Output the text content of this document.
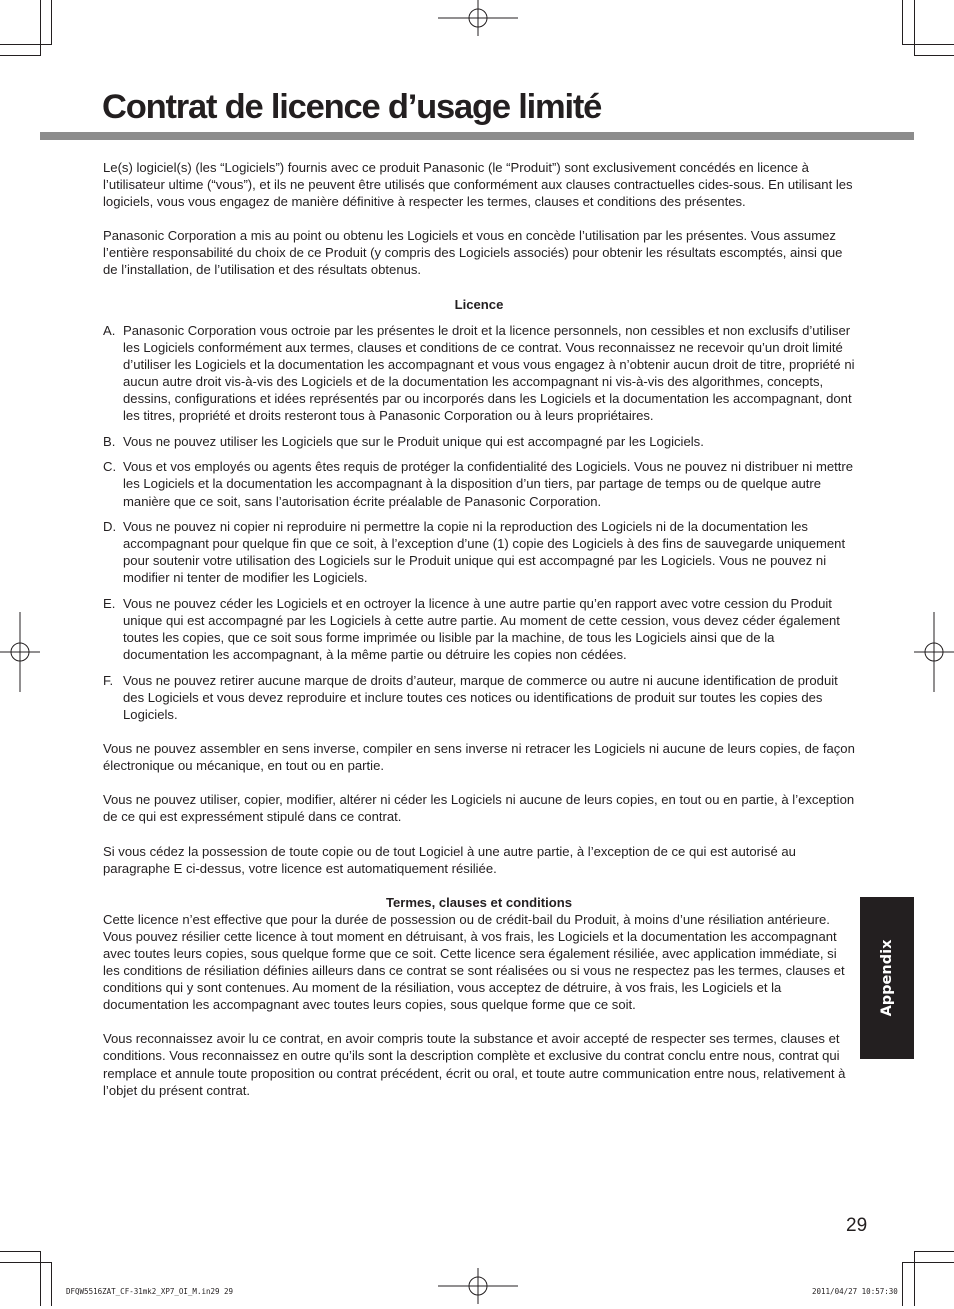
Contrat de licence d’usage limité

Le(s) logiciel(s) (les “Logiciels”) fournis avec ce produit Panasonic (le “Produit”) sont exclusivement concédés en licence à l’utilisateur ultime (“vous”), et ils ne peuvent être utilisés que conformément aux clauses contractuelles cides-sous. En utilisant les logiciels, vous vous engagez de manière définitive à respecter les termes, clauses et conditions des présentes.

Panasonic Corporation a mis au point ou obtenu les Logiciels et vous en concède l’utilisation par les présentes. Vous assumez l’entière responsabilité du choix de ce Produit (y compris des Logiciels associés) pour obtenir les résultats escomptés, ainsi que de l’installation, de l’utilisation et des résultats obtenus.

Licence
A. Panasonic Corporation vous octroie par les présentes le droit et la licence personnels, non cessibles et non exclusifs d’utiliser les Logiciels conformément aux termes, clauses et conditions de ce contrat. Vous reconnaissez ne recevoir qu’un droit limité d’utiliser les Logiciels et la documentation les accompagnant et vous vous engagez à n’obtenir aucun droit de titre, propriété ni aucun autre droit vis-à-vis des Logiciels et de la documentation les accompagnant ni vis-à-vis des algorithmes, concepts, dessins, configurations et idées représentés par ou incorporés dans les Logiciels et la documentation les accompagnant, dont les titres, propriété et droits resteront tous à Panasonic Corporation ou à leurs propriétaires.
B. Vous ne pouvez utiliser les Logiciels que sur le Produit unique qui est accompagné par les Logiciels.
C. Vous et vos employés ou agents êtes requis de protéger la confidentialité des Logiciels. Vous ne pouvez ni distribuer ni mettre les Logiciels et la documentation les accompagnant à la disposition d’un tiers, par partage de temps ou de quelque autre manière que ce soit, sans l’autorisation écrite préalable de Panasonic Corporation.
D. Vous ne pouvez ni copier ni reproduire ni permettre la copie ni la reproduction des Logiciels ni de la documentation les accompagnant pour quelque fin que ce soit, à l’exception d’une (1) copie des Logiciels à des fins de sauvegarde uniquement pour soutenir votre utilisation des Logiciels sur le Produit unique qui est accompagné par les Logiciels. Vous ne pouvez ni modifier ni tenter de modifier les Logiciels.
E. Vous ne pouvez céder les Logiciels et en octroyer la licence à une autre partie qu’en rapport avec votre cession du Produit unique qui est accompagné par les Logiciels à cette autre partie. Au moment de cette cession, vous devez céder également toutes les copies, que ce soit sous forme imprimée ou lisible par la machine, de tous les Logiciels ainsi que de la documentation les accompagnant, à la même partie ou détruire les copies non cédées.
F. Vous ne pouvez retirer aucune marque de droits d’auteur, marque de commerce ou autre ni aucune identification de produit des Logiciels et vous devez reproduire et inclure toutes ces notices ou identifications de produit sur toutes les copies des Logiciels.

Vous ne pouvez assembler en sens inverse, compiler en sens inverse ni retracer les Logiciels ni aucune de leurs copies, de façon électronique ou mécanique, en tout ou en partie.

Vous ne pouvez utiliser, copier, modifier, altérer ni céder les Logiciels ni aucune de leurs copies, en tout ou en partie, à l’exception de ce qui est expressément stipulé dans ce contrat.

Si vous cédez la possession de toute copie ou de tout Logiciel à une autre partie, à l’exception de ce qui est autorisé au paragraphe E ci-dessus, votre licence est automatiquement résiliée.

Termes, clauses et conditions

Cette licence n’est effective que pour la durée de possession ou de crédit-bail du Produit, à moins d’une résiliation antérieure. Vous pouvez résilier cette licence à tout moment en détruisant, à vos frais, les Logiciels et la documentation les accompagnant avec toutes leurs copies, sous quelque forme que ce soit. Cette licence sera également résiliée, avec application immédiate, si les conditions de résiliation définies ailleurs dans ce contrat se sont réalisées ou si vous ne respectez pas les termes, clauses et conditions qui y sont contenues. Au moment de la résiliation, vous acceptez de détruire, à vos frais, les Logiciels et la documentation les accompagnant avec toutes leurs copies, sous quelque forme que ce soit.

Vous reconnaissez avoir lu ce contrat, en avoir compris toute la substance et avoir accepté de respecter ses termes, clauses et conditions. Vous reconnaissez en outre qu’ils sont la description complète et exclusive du contrat conclu entre nous, contrat qui remplace et annule toute proposition ou contrat précédent, écrit ou oral, et toute autre communication entre nous, relativement à l’objet du présent contrat.

Appendix
29
DFQW5516ZAT_CF-31mk2_XP7_OI_M.in29 29	2011/04/27 10:57:30
